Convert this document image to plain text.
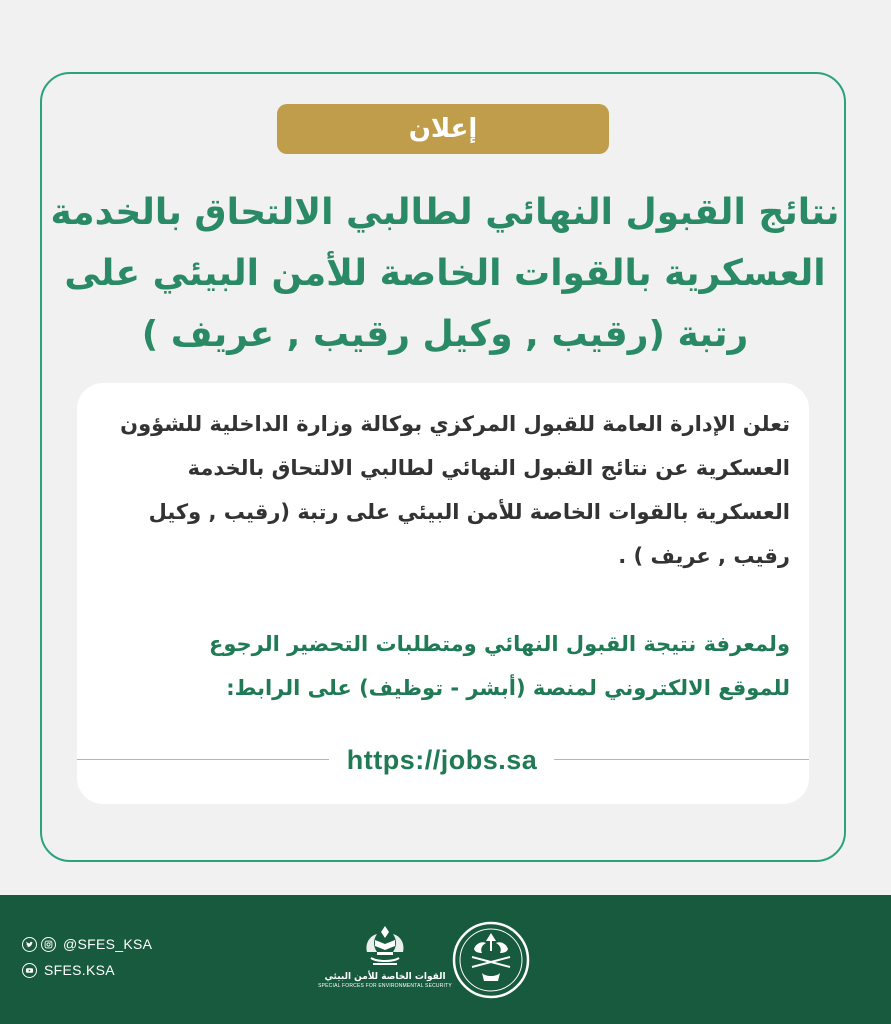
إعلان
نتائج القبول النهائي لطالبي الالتحاق بالخدمة
العسكرية بالقوات الخاصة للأمن البيئي على
رتبة (رقيب , وكيل رقيب , عريف )
تعلن الإدارة العامة للقبول المركزي بوكالة وزارة الداخلية للشؤون
العسكرية عن نتائج القبول النهائي لطالبي الالتحاق بالخدمة
العسكرية بالقوات الخاصة للأمن البيئي على رتبة (رقيب , وكيل
رقيب , عريف ) .
ولمعرفة نتيجة القبول النهائي ومتطلبات التحضير الرجوع
للموقع الالكتروني لمنصة (أبشر - توظيف) على الرابط:
https://jobs.sa
@SFES_KSA
SFES.KSA	القوات الخاصة للأمن البيئي
SPECIAL FORCES FOR ENVIRONMENTAL SECURITY
